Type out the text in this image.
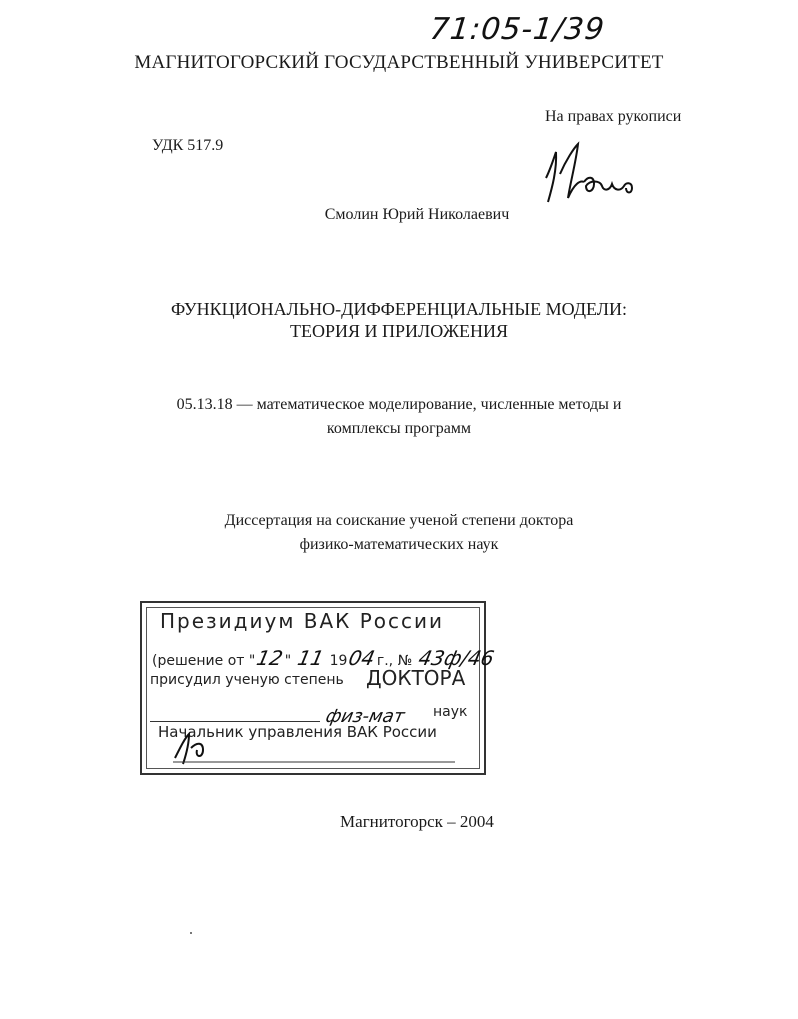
71:05-1/39
МАГНИТОГОРСКИЙ ГОСУДАРСТВЕННЫЙ УНИВЕРСИТЕТ
На правах рукописи
УДК 517.9
Смолин Юрий Николаевич
ФУНКЦИОНАЛЬНО-ДИФФЕРЕНЦИАЛЬНЫЕ МОДЕЛИ:
ТЕОРИЯ И ПРИЛОЖЕНИЯ
05.13.18 — математическое моделирование, численные методы и
комплексы программ
Диссертация на соискание ученой степени доктора
физико-математических наук
Президиум ВАК России
(решение от "12" 11 1904г., № 43ф/46
присудил ученую степень ДОКТОРА
физ-мат	наук
Начальник управления ВАК России
Магнитогорск – 2004
